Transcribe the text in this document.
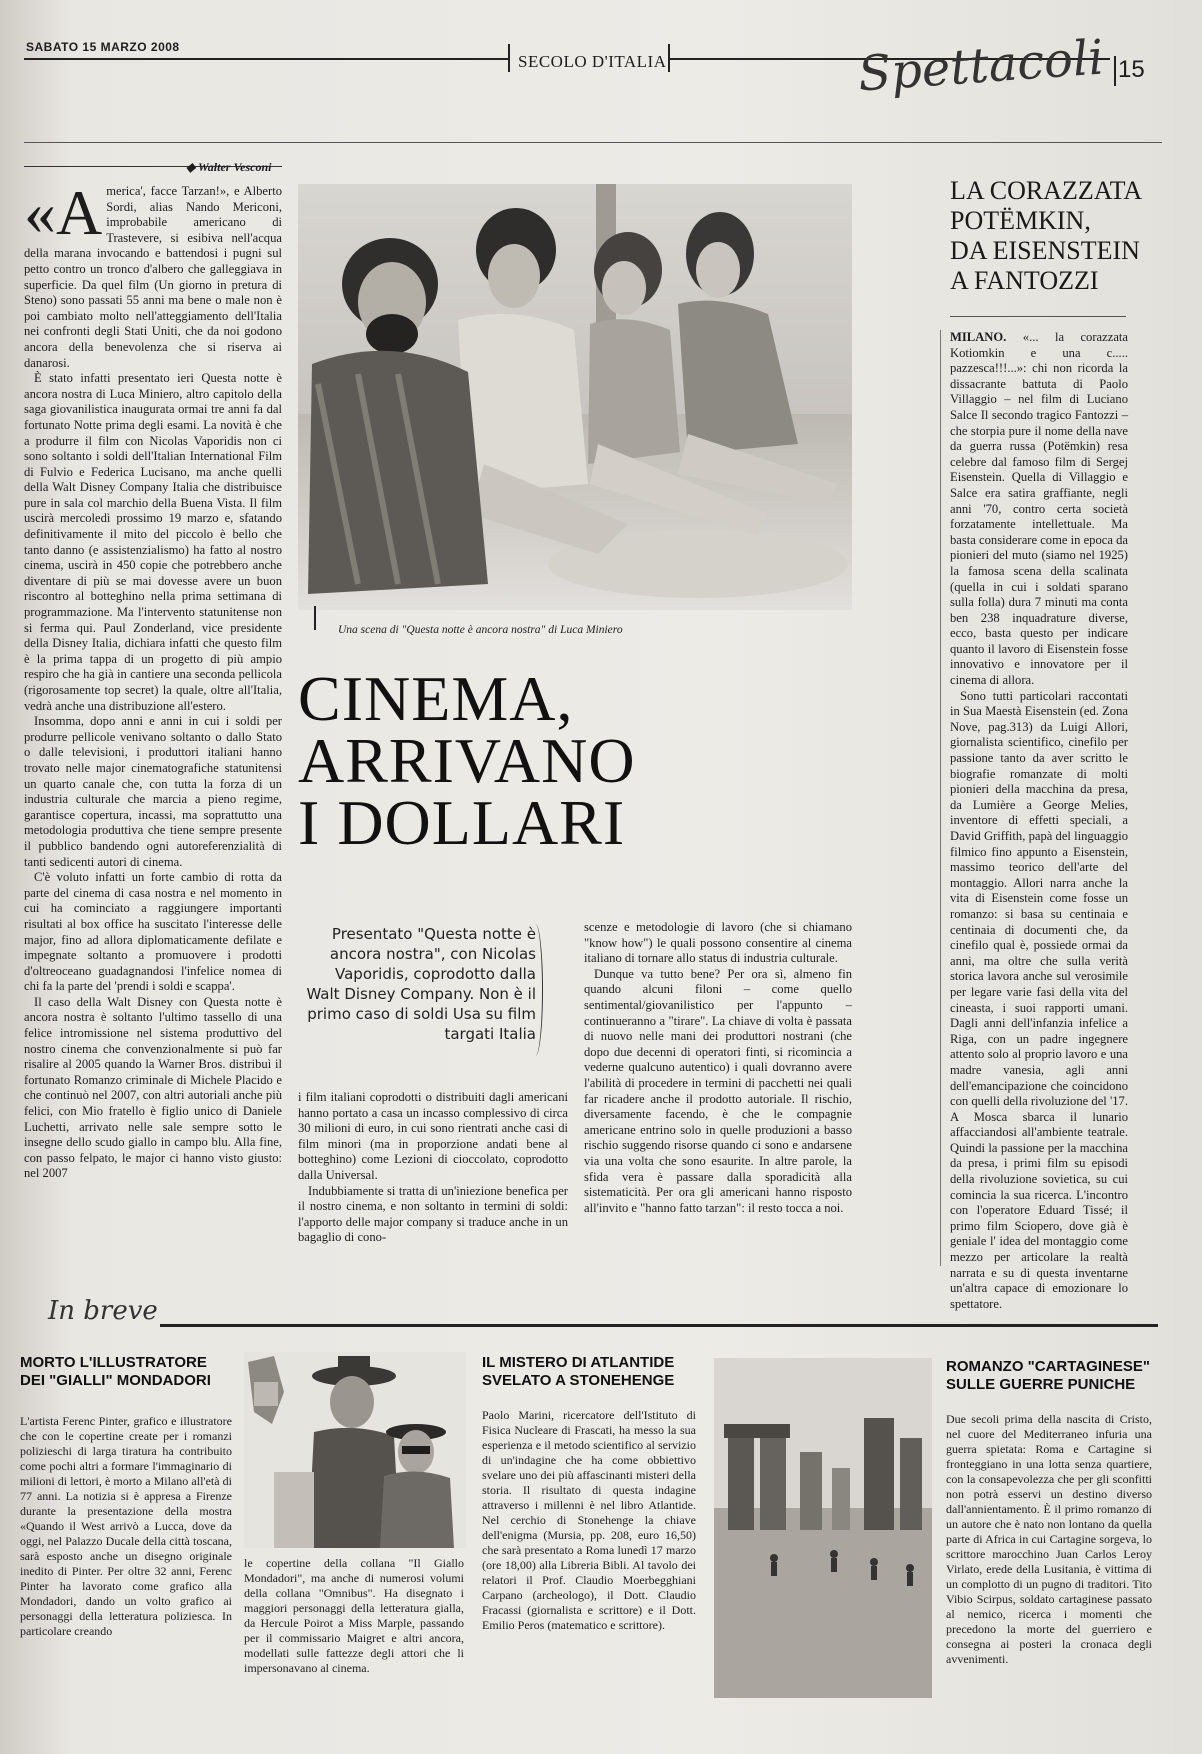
SABATO 15 MARZO 2008
SECOLO D'ITALIA	Spettacoli 15
◆ Walter Vesconi
«A merica', facce Tarzan!», e Alberto Sordi, alias Nando Mericoni, improbabile americano di Trastevere, si esibiva nell'acqua della marana invocando e battendosi i pugni sul petto contro un tronco d'albero che galleggiava in superficie. Da quel film (Un giorno in pretura di Steno) sono passati 55 anni ma bene o male non è poi cambiato molto nell'atteggiamento dell'Italia nei confronti degli Stati Uniti, che da noi godono ancora della benevolenza che si riserva ai danarosi.

È stato infatti presentato ieri Questa notte è ancora nostra di Luca Miniero, altro capitolo della saga giovanilistica inaugurata ormai tre anni fa dal fortunato Notte prima degli esami. La novità è che a produrre il film con Nicolas Vaporidis non ci sono soltanto i soldi dell'Italian International Film di Fulvio e Federica Lucisano, ma anche quelli della Walt Disney Company Italia che distribuisce pure in sala col marchio della Buena Vista. Il film uscirà mercoledì prossimo 19 marzo e, sfatando definitivamente il mito del piccolo è bello che tanto danno (e assistenzialismo) ha fatto al nostro cinema, uscirà in 450 copie che potrebbero anche diventare di più se mai dovesse avere un buon riscontro al botteghino nella prima settimana di programmazione. Ma l'intervento statunitense non si ferma qui. Paul Zonderland, vice presidente della Disney Italia, dichiara infatti che questo film è la prima tappa di un progetto di più ampio respiro che ha già in cantiere una seconda pellicola (rigorosamente top secret) la quale, oltre all'Italia, vedrà anche una distribuzione all'estero.

Insomma, dopo anni e anni in cui i soldi per produrre pellicole venivano soltanto o dallo Stato o dalle televisioni, i produttori italiani hanno trovato nelle major cinematografiche statunitensi un quarto canale che, con tutta la forza di un industria culturale che marcia a pieno regime, garantisce copertura, incassi, ma soprattutto una metodologia produttiva che tiene sempre presente il pubblico bandendo ogni autoreferenzialità di tanti sedicenti autori di cinema.

C'è voluto infatti un forte cambio di rotta da parte del cinema di casa nostra e nel momento in cui ha cominciato a raggiungere importanti risultati al box office ha suscitato l'interesse delle major, fino ad allora diplomaticamente defilate e impegnate soltanto a promuovere i prodotti d'oltreoceano guadagnandosi l'infelice nomea di chi fa la parte del 'prendi i soldi e scappa'.

Il caso della Walt Disney con Questa notte è ancora nostra è soltanto l'ultimo tassello di una felice intromissione nel sistema produttivo del nostro cinema che convenzionalmente si può far risalire al 2005 quando la Warner Bros. distribuì il fortunato Romanzo criminale di Michele Placido e che continuò nel 2007, con altri autoriali anche più felici, con Mio fratello è figlio unico di Daniele Luchetti, arrivato nelle sale sempre sotto le insegne dello scudo giallo in campo blu. Alla fine, con passo felpato, le major ci hanno visto giusto: nel 2007

Una scena di "Questa notte è ancora nostra" di Luca Miniero
CINEMA,
ARRIVANO
I DOLLARI
Presentato "Questa notte è ancora nostra", con Nicolas Vaporidis, coprodotto dalla Walt Disney Company. Non è il primo caso di soldi Usa su film targati Italia

i film italiani coprodotti o distribuiti dagli americani hanno portato a casa un incasso complessivo di circa 30 milioni di euro, in cui sono rientrati anche casi di film minori (ma in proporzione andati bene al botteghino) come Lezioni di cioccolato, coprodotto dalla Universal.

Indubbiamente si tratta di un'iniezione benefica per il nostro cinema, e non soltanto in termini di soldi: l'apporto delle major company si traduce anche in un bagaglio di cono-

scenze e metodologie di lavoro (che si chiamano "know how") le quali possono consentire al cinema italiano di tornare allo status di industria culturale.

Dunque va tutto bene? Per ora sì, almeno fin quando alcuni filoni – come quello sentimental/giovanilistico per l'appunto – continueranno a "tirare". La chiave di volta è passata di nuovo nelle mani dei produttori nostrani (che dopo due decenni di operatori finti, si ricomincia a vederne qualcuno autentico) i quali dovranno avere l'abilità di procedere in termini di pacchetti nei quali far ricadere anche il prodotto autoriale. Il rischio, diversamente facendo, è che le compagnie americane entrino solo in quelle produzioni a basso rischio suggendo risorse quando ci sono e andarsene via una volta che sono esaurite. In altre parole, la sfida vera è passare dalla sporadicità alla sistematicità. Per ora gli americani hanno risposto all'invito e "hanno fatto tarzan": il resto tocca a noi.

LA CORAZZATA
POTËMKIN,
DA EISENSTEIN
A FANTOZZI

MILANO. «... la corazzata Kotiomkin e una c..... pazzesca!!!...»: chi non ricorda la dissacrante battuta di Paolo Villaggio – nel film di Luciano Salce Il secondo tragico Fantozzi – che storpia pure il nome della nave da guerra russa (Potëmkin) resa celebre dal famoso film di Sergej Eisenstein. Quella di Villaggio e Salce era satira graffiante, negli anni '70, contro certa società forzatamente intellettuale. Ma basta considerare come in epoca da pionieri del muto (siamo nel 1925) la famosa scena della scalinata (quella in cui i soldati sparano sulla folla) dura 7 minuti ma conta ben 238 inquadrature diverse, ecco, basta questo per indicare quanto il lavoro di Eisenstein fosse innovativo e innovatore per il cinema di allora.

Sono tutti particolari raccontati in Sua Maestà Eisenstein (ed. Zona Nove, pag.313) da Luigi Allori, giornalista scientifico, cinefilo per passione tanto da aver scritto le biografie romanzate di molti pionieri della macchina da presa, da Lumière a George Melies, inventore di effetti speciali, a David Griffith, papà del linguaggio filmico fino appunto a Eisenstein, massimo teorico dell'arte del montaggio. Allori narra anche la vita di Eisenstein come fosse un romanzo: si basa su centinaia e centinaia di documenti che, da cinefilo qual è, possiede ormai da anni, ma oltre che sulla verità storica lavora anche sul verosimile per legare varie fasi della vita del cineasta, i suoi rapporti umani. Dagli anni dell'infanzia infelice a Riga, con un padre ingegnere attento solo al proprio lavoro e una madre vanesia, agli anni dell'emancipazione che coincidono con quelli della rivoluzione del '17. A Mosca sbarca il lunario affacciandosi all'ambiente teatrale. Quindi la passione per la macchina da presa, i primi film su episodi della rivoluzione sovietica, su cui comincia la sua ricerca. L'incontro con l'operatore Eduard Tissé; il primo film Sciopero, dove già è geniale l' idea del montaggio come mezzo per articolare la realtà narrata e su di questa inventarne un'altra capace di emozionare lo spettatore.

In breve
MORTO L'ILLUSTRATORE
DEI "GIALLI" MONDADORI
L'artista Ferenc Pinter, grafico e illustratore che con le copertine create per i romanzi polizieschi di larga tiratura ha contribuito come pochi altri a formare l'immaginario di milioni di lettori, è morto a Milano all'età di 77 anni. La notizia si è appresa a Firenze durante la presentazione della mostra «Quando il West arrivò a Lucca, dove da oggi, nel Palazzo Ducale della città toscana, sarà esposto anche un disegno originale inedito di Pinter. Per oltre 32 anni, Ferenc Pinter ha lavorato come grafico alla Mondadori, dando un volto grafico ai personaggi della letteratura poliziesca. In particolare creando
le copertine della collana "Il Giallo Mondadori", ma anche di numerosi volumi della collana "Omnibus". Ha disegnato i maggiori personaggi della letteratura gialla, da Hercule Poirot a Miss Marple, passando per il commissario Maigret e altri ancora, modellati sulle fattezze degli attori che li impersonavano al cinema.
IL MISTERO DI ATLANTIDE
SVELATO A STONEHENGE
Paolo Marini, ricercatore dell'Istituto di Fisica Nucleare di Frascati, ha messo la sua esperienza e il metodo scientifico al servizio di un'indagine che ha come obbiettivo svelare uno dei più affascinanti misteri della storia. Il risultato di questa indagine attraverso i millenni è nel libro Atlantide. Nel cerchio di Stonehenge la chiave dell'enigma (Mursia, pp. 208, euro 16,50) che sarà presentato a Roma lunedì 17 marzo (ore 18,00) alla Libreria Bibli. Al tavolo dei relatori il Prof. Claudio Moerbegghiani Carpano (archeologo), il Dott. Claudio Fracassi (giornalista e scrittore) e il Dott. Emilio Peros (matematico e scrittore).
ROMANZO "CARTAGINESE"
SULLE GUERRE PUNICHE
Due secoli prima della nascita di Cristo, nel cuore del Mediterraneo infuria una guerra spietata: Roma e Cartagine si fronteggiano in una lotta senza quartiere, con la consapevolezza che per gli sconfitti non potrà esservi un destino diverso dall'annientamento. È il primo romanzo di un autore che è nato non lontano da quella parte di Africa in cui Cartagine sorgeva, lo scrittore marocchino Juan Carlos Leroy Virlato, erede della Lusitania, è vittima di un complotto di un pugno di traditori. Tito Vibio Scirpus, soldato cartaginese passato al nemico, ricerca i momenti che precedono la morte del guerriero e consegna ai posteri la cronaca degli avvenimenti.
